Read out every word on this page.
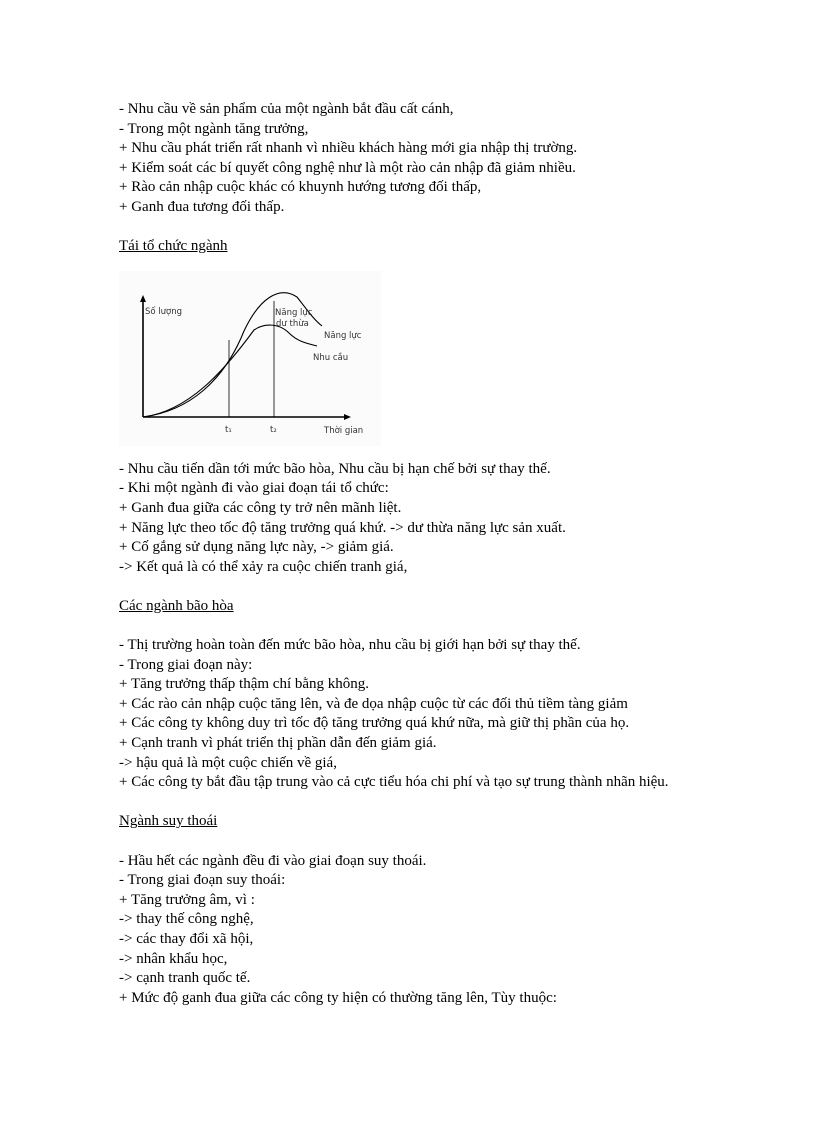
- Nhu cầu về sản phẩm của một ngành bắt đầu cất cánh,
- Trong một ngành tăng trưởng,
+ Nhu cầu phát triển rất nhanh vì nhiều khách hàng mới gia nhập thị trường.
+ Kiểm soát các bí quyết công nghệ như là một rào cản nhập đã giảm nhiều.
+ Rào cản nhập cuộc khác có khuynh hướng tương đối thấp,
+ Ganh đua tương đối thấp.
Tái tổ chức ngành
Số lượng	Năng lực
dư thừa
Năng lực
Nhu cầu
t₁	t₂	Thời gian
- Nhu cầu tiến dần tới mức bão hòa, Nhu cầu bị hạn chế bởi sự thay thế.
- Khi một ngành đi vào giai đoạn tái tổ chức:
+ Ganh đua giữa các công ty trở nên mãnh liệt.
+ Năng lực theo tốc độ tăng trưởng quá khứ. -> dư thừa năng lực sản xuất.
+ Cố gắng sử dụng năng lực này, -> giảm giá.
-> Kết quả là có thể xảy ra cuộc chiến tranh giá,
Các ngành bão hòa
- Thị trường hoàn toàn đến mức bão hòa, nhu cầu bị giới hạn bởi sự thay thế.
- Trong giai đoạn này:
+ Tăng trưởng thấp thậm chí bằng không.
+ Các rào cản nhập cuộc tăng lên, và đe dọa nhập cuộc từ các đối thủ tiềm tàng giảm
+ Các công ty không duy trì tốc độ tăng trưởng quá khứ nữa, mà giữ thị phần của họ.
+ Cạnh tranh vì phát triển thị phần dẫn đến giảm giá.
-> hậu quả là một cuộc chiến về giá,
+ Các công ty bắt đầu tập trung vào cả cực tiểu hóa chi phí và tạo sự trung thành nhãn hiệu.
Ngành suy thoái
- Hầu hết các ngành đều đi vào giai đoạn suy thoái.
- Trong giai đoạn suy thoái:
+ Tăng trưởng âm, vì :
-> thay thế công nghệ,
-> các thay đổi xã hội,
-> nhân khẩu học,
-> cạnh tranh quốc tế.
+ Mức độ ganh đua giữa các công ty hiện có thường tăng lên, Tùy thuộc:
